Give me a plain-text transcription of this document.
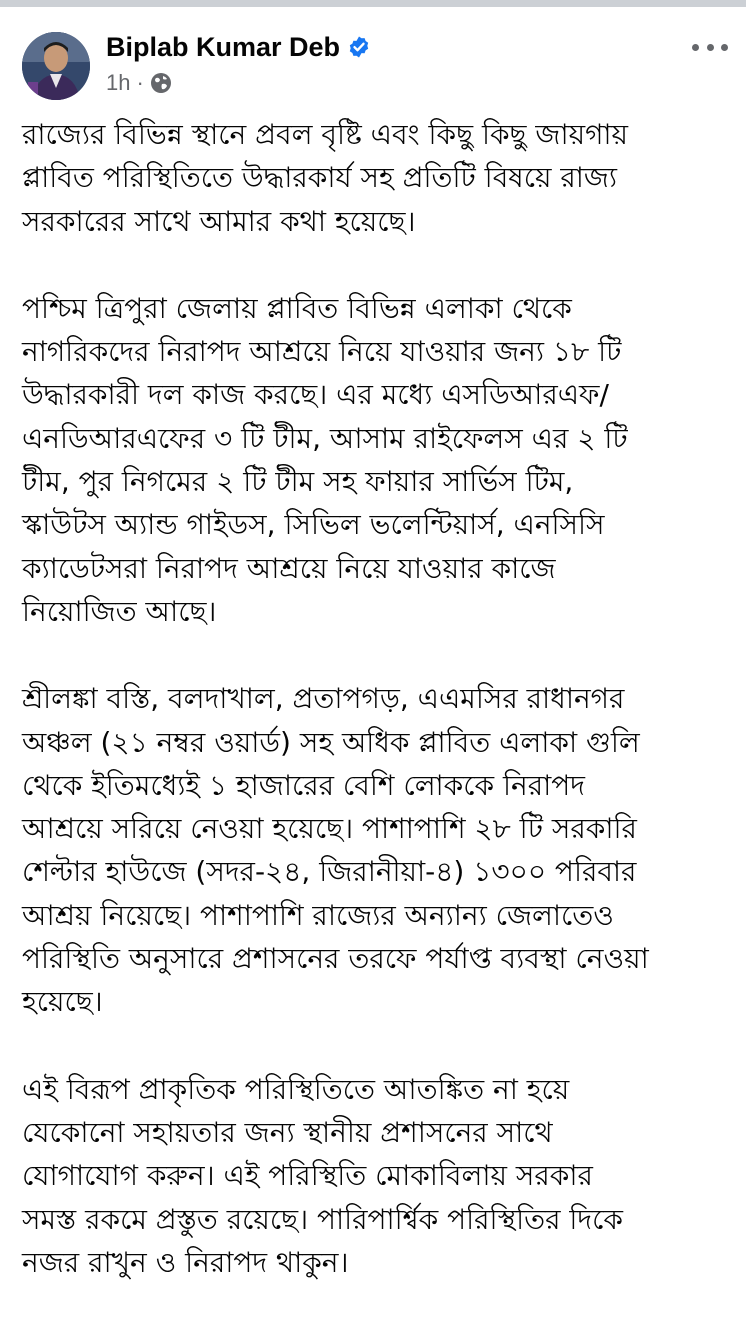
Biplab Kumar Deb
1h ·

রাজ্যের বিভিন্ন স্থানে প্রবল বৃষ্টি এবং কিছু কিছু জায়গায়
প্লাবিত পরিস্থিতিতে উদ্ধারকার্য সহ প্রতিটি বিষয়ে রাজ্য
সরকারের সাথে আমার কথা হয়েছে।

পশ্চিম ত্রিপুরা জেলায় প্লাবিত বিভিন্ন এলাকা থেকে
নাগরিকদের নিরাপদ আশ্রয়ে নিয়ে যাওয়ার জন্য ১৮ টি
উদ্ধারকারী দল কাজ করছে। এর মধ্যে এসডিআরএফ/
এনডিআরএফের ৩ টি টীম, আসাম রাইফেলস এর ২ টি
টীম, পুর নিগমের ২ টি টীম সহ ফায়ার সার্ভিস টিম,
স্কাউটস অ্যান্ড গাইডস, সিভিল ভলেন্টিয়ার্স, এনসিসি
ক্যাডেটসরা নিরাপদ আশ্রয়ে নিয়ে যাওয়ার কাজে
নিয়োজিত আছে।

শ্রীলঙ্কা বস্তি, বলদাখাল, প্রতাপগড়, এএমসির রাধানগর
অঞ্চল (২১ নম্বর ওয়ার্ড) সহ অধিক প্লাবিত এলাকা গুলি
থেকে ইতিমধ্যেই ১ হাজারের বেশি লোককে নিরাপদ
আশ্রয়ে সরিয়ে নেওয়া হয়েছে। পাশাপাশি ২৮ টি সরকারি
শেল্টার হাউজে (সদর-২৪, জিরানীয়া-৪) ১৩০০ পরিবার
আশ্রয় নিয়েছে। পাশাপাশি রাজ্যের অন্যান্য জেলাতেও
পরিস্থিতি অনুসারে প্রশাসনের তরফে পর্যাপ্ত ব্যবস্থা নেওয়া
হয়েছে।

এই বিরূপ প্রাকৃতিক পরিস্থিতিতে আতঙ্কিত না হয়ে
যেকোনো সহায়তার জন্য স্থানীয় প্রশাসনের সাথে
যোগাযোগ করুন। এই পরিস্থিতি মোকাবিলায় সরকার
সমস্ত রকমে প্রস্তুত রয়েছে। পারিপার্শ্বিক পরিস্থিতির দিকে
নজর রাখুন ও নিরাপদ থাকুন।
